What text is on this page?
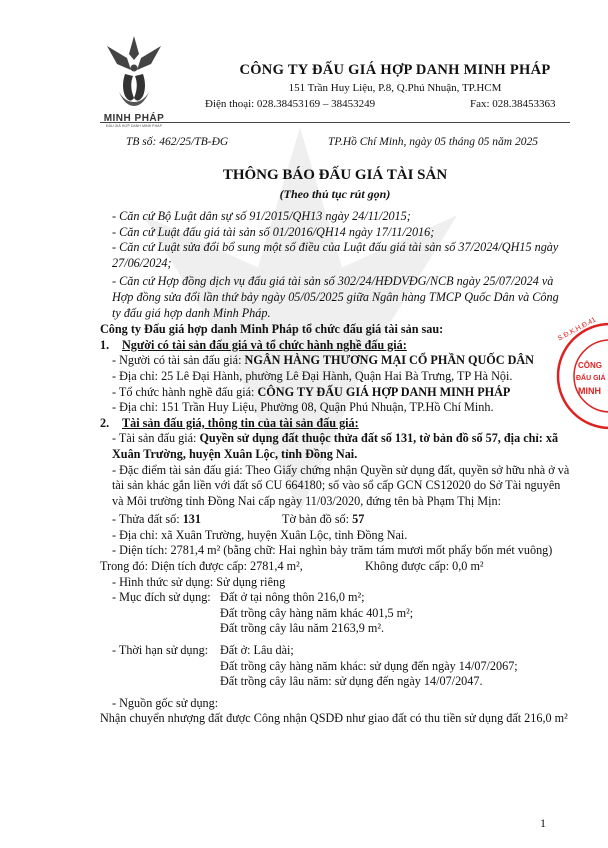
MINH PHÁP
ĐẤU GIÁ HỢP DANH MINH PHÁP
CÔNG TY ĐẤU GIÁ HỢP DANH MINH PHÁP
151 Trần Huy Liệu, P.8, Q.Phú Nhuận, TP.HCM
Điện thoại: 028.38453169 – 38453249	Fax: 028.38453363
TB số: 462/25/TB-ĐG	TP.Hồ Chí Minh, ngày 05 tháng 05 năm 2025
THÔNG BÁO ĐẤU GIÁ TÀI SẢN
(Theo thủ tục rút gọn)

- Căn cứ Bộ Luật dân sự số 91/2015/QH13 ngày 24/11/2015;

- Căn cứ Luật đấu giá tài sản số 01/2016/QH14 ngày 17/11/2016;

- Căn cứ Luật sửa đổi bổ sung một số điều của Luật đấu giá tài sản số 37/2024/QH15 ngày 27/06/2024;

- Căn cứ Hợp đồng dịch vụ đấu giá tài sản số 302/24/HĐDVĐG/NCB ngày 25/07/2024 và Hợp đồng sửa đổi lần thứ bảy ngày 05/05/2025 giữa Ngân hàng TMCP Quốc Dân và Công ty đấu giá hợp danh Minh Pháp.

Công ty Đấu giá hợp danh Minh Pháp tổ chức đấu giá tài sản sau:

1.	Người có tài sản đấu giá và tổ chức hành nghề đấu giá:

- Người có tài sản đấu giá: NGÂN HÀNG THƯƠNG MẠI CỔ PHẦN QUỐC DÂN

- Địa chỉ: 25 Lê Đại Hành, phường Lê Đại Hành, Quận Hai Bà Trưng, TP Hà Nội.

- Tổ chức hành nghề đấu giá: CÔNG TY ĐẤU GIÁ HỢP DANH MINH PHÁP

- Địa chỉ: 151 Trần Huy Liệu, Phường 08, Quận Phú Nhuận, TP.Hồ Chí Minh.

2.	Tài sản đấu giá, thông tin của tài sản đấu giá:

- Tài sản đấu giá: Quyền sử dụng đất thuộc thửa đất số 131, tờ bản đồ số 57, địa chỉ: xã Xuân Trường, huyện Xuân Lộc, tỉnh Đồng Nai.

- Đặc điểm tài sản đấu giá: Theo Giấy chứng nhận Quyền sử dụng đất, quyền sở hữu nhà ở và tài sản khác gắn liền với đất số CU 664180; số vào sổ cấp GCN CS12020 do Sở Tài nguyên và Môi trường tỉnh Đồng Nai cấp ngày 11/03/2020, đứng tên bà Phạm Thị Mịn:

- Thửa đất số: 131	Tờ bản đồ số: 57

- Địa chỉ: xã Xuân Trường, huyện Xuân Lộc, tỉnh Đồng Nai.

- Diện tích: 2781,4 m² (bằng chữ: Hai nghìn bảy trăm tám mươi mốt phẩy bốn mét vuông)

Trong đó: Diện tích được cấp: 2781,4 m²,	Không được cấp: 0,0 m²

- Hình thức sử dụng: Sử dụng riêng

- Mục đích sử dụng: Đất ở tại nông thôn 216,0 m²;
Đất trồng cây hàng năm khác 401,5 m²;
Đất trồng cây lâu năm 2163,9 m².
- Thời hạn sử dụng: Đất ở: Lâu dài;
Đất trồng cây hàng năm khác: sử dụng đến ngày 14/07/2067;
Đất trồng cây lâu năm: sử dụng đến ngày 14/07/2047.

- Nguồn gốc sử dụng:

Nhận chuyển nhượng đất được Công nhận QSDĐ như giao đất có thu tiền sử dụng đất 216,0 m²

S.Đ.K.H.Đ.41
CÔNG
ĐẤU GIÁ
MINH
1
